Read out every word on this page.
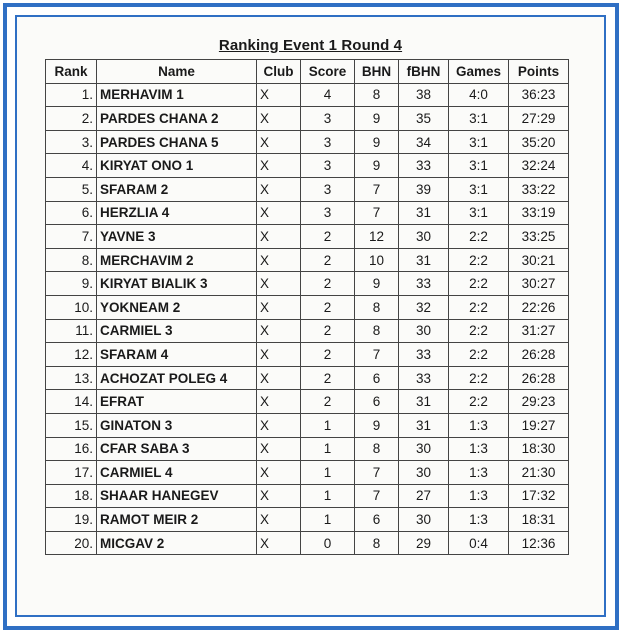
Ranking Event 1 Round 4
Rank	Name	Club	Score	BHN	fBHN	Games	Points
1.	MERHAVIM 1	X	4	8	38	4:0	36:23
2.	PARDES CHANA 2	X	3	9	35	3:1	27:29
3.	PARDES CHANA 5	X	3	9	34	3:1	35:20
4.	KIRYAT ONO 1	X	3	9	33	3:1	32:24
5.	SFARAM 2	X	3	7	39	3:1	33:22
6.	HERZLIA 4	X	3	7	31	3:1	33:19
7.	YAVNE 3	X	2	12	30	2:2	33:25
8.	MERCHAVIM 2	X	2	10	31	2:2	30:21
9.	KIRYAT BIALIK 3	X	2	9	33	2:2	30:27
10.	YOKNEAM 2	X	2	8	32	2:2	22:26
11.	CARMIEL 3	X	2	8	30	2:2	31:27
12.	SFARAM 4	X	2	7	33	2:2	26:28
13.	ACHOZAT POLEG 4	X	2	6	33	2:2	26:28
14.	EFRAT	X	2	6	31	2:2	29:23
15.	GINATON 3	X	1	9	31	1:3	19:27
16.	CFAR SABA 3	X	1	8	30	1:3	18:30
17.	CARMIEL 4	X	1	7	30	1:3	21:30
18.	SHAAR HANEGEV	X	1	7	27	1:3	17:32
19.	RAMOT MEIR 2	X	1	6	30	1:3	18:31
20.	MICGAV 2	X	0	8	29	0:4	12:36
